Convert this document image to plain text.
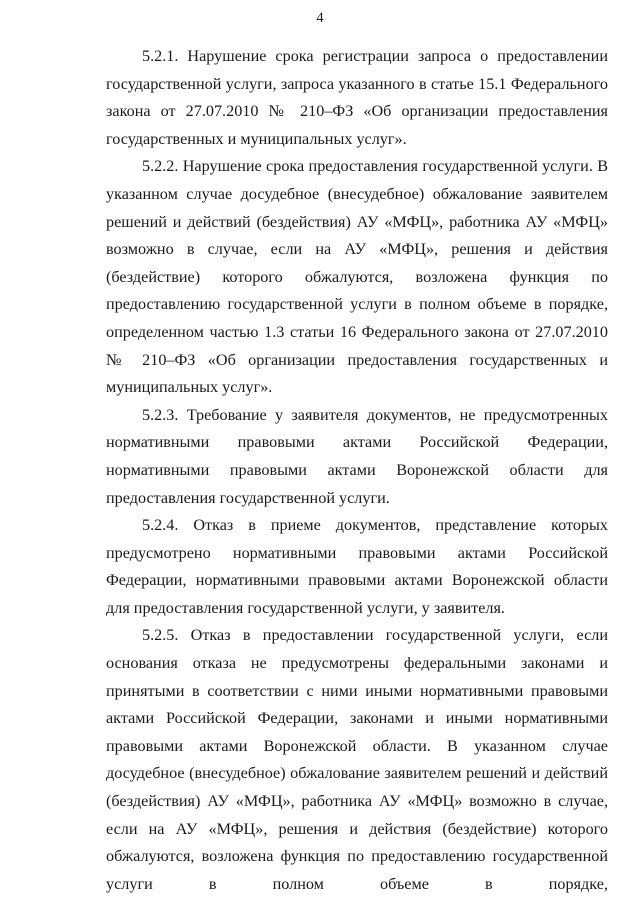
4

5.2.1. Нарушение срока регистрации запроса о предоставлении государственной услуги, запроса указанного в статье 15.1 Федерального закона от 27.07.2010 № 210–ФЗ «Об организации предоставления государственных и муниципальных услуг».

5.2.2. Нарушение срока предоставления государственной услуги. В указанном случае досудебное (внесудебное) обжалование заявителем решений и действий (бездействия) АУ «МФЦ», работника АУ «МФЦ» возможно в случае, если на АУ «МФЦ», решения и действия (бездействие) которого обжалуются, возложена функция по предоставлению государственной услуги в полном объеме в порядке, определенном частью 1.3 статьи 16 Федерального закона от 27.07.2010 № 210–ФЗ «Об организации предоставления государственных и муниципальных услуг».

5.2.3. Требование у заявителя документов, не предусмотренных нормативными правовыми актами Российской Федерации, нормативными правовыми актами Воронежской области для предоставления государственной услуги.

5.2.4. Отказ в приеме документов, представление которых предусмотрено нормативными правовыми актами Российской Федерации, нормативными правовыми актами Воронежской области для предоставления государственной услуги, у заявителя.

5.2.5. Отказ в предоставлении государственной услуги, если основания отказа не предусмотрены федеральными законами и принятыми в соответствии с ними иными нормативными правовыми актами Российской Федерации, законами и иными нормативными правовыми актами Воронежской области. В указанном случае досудебное (внесудебное) обжалование заявителем решений и действий (бездействия) АУ «МФЦ», работника АУ «МФЦ» возможно в случае, если на АУ «МФЦ», решения и действия (бездействие) которого обжалуются, возложена функция по предоставлению государственной услуги в полном объеме в порядке,
